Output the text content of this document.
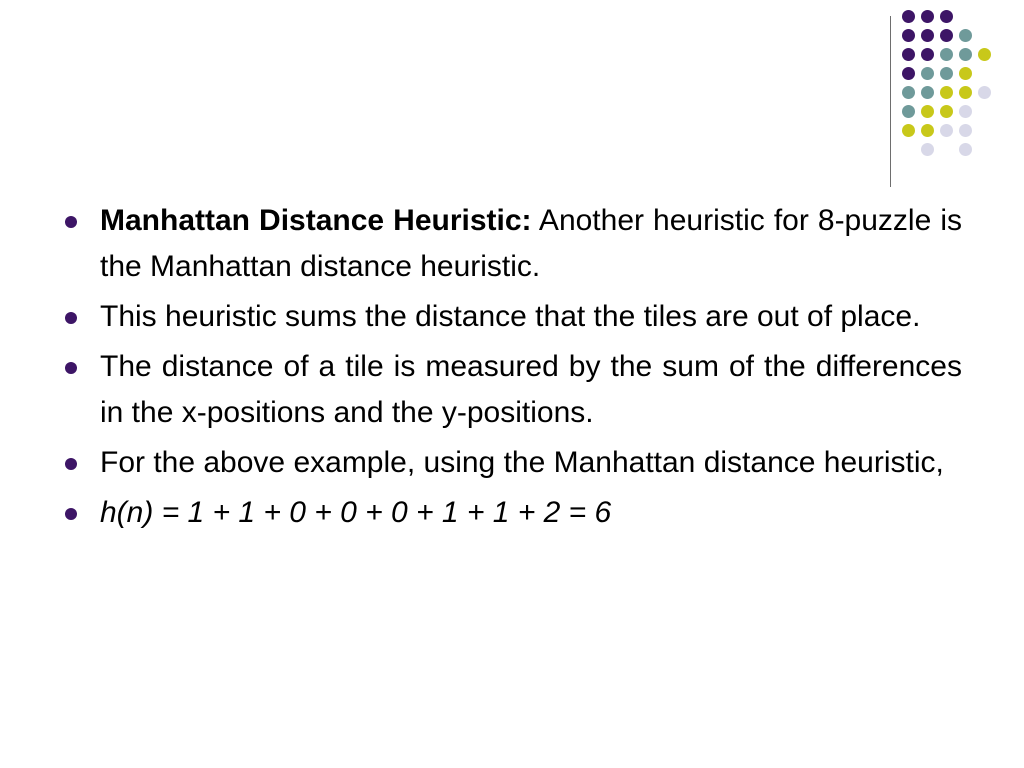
Manhattan Distance Heuristic: Another heuristic for 8-puzzle is the Manhattan distance heuristic.
This heuristic sums the distance that the tiles are out of place.
The distance of a tile is measured by the sum of the differences in the x-positions and the y-positions.
For the above example, using the Manhattan distance heuristic,
h(n) = 1 + 1 + 0 + 0 + 0 + 1 + 1 + 2 = 6
